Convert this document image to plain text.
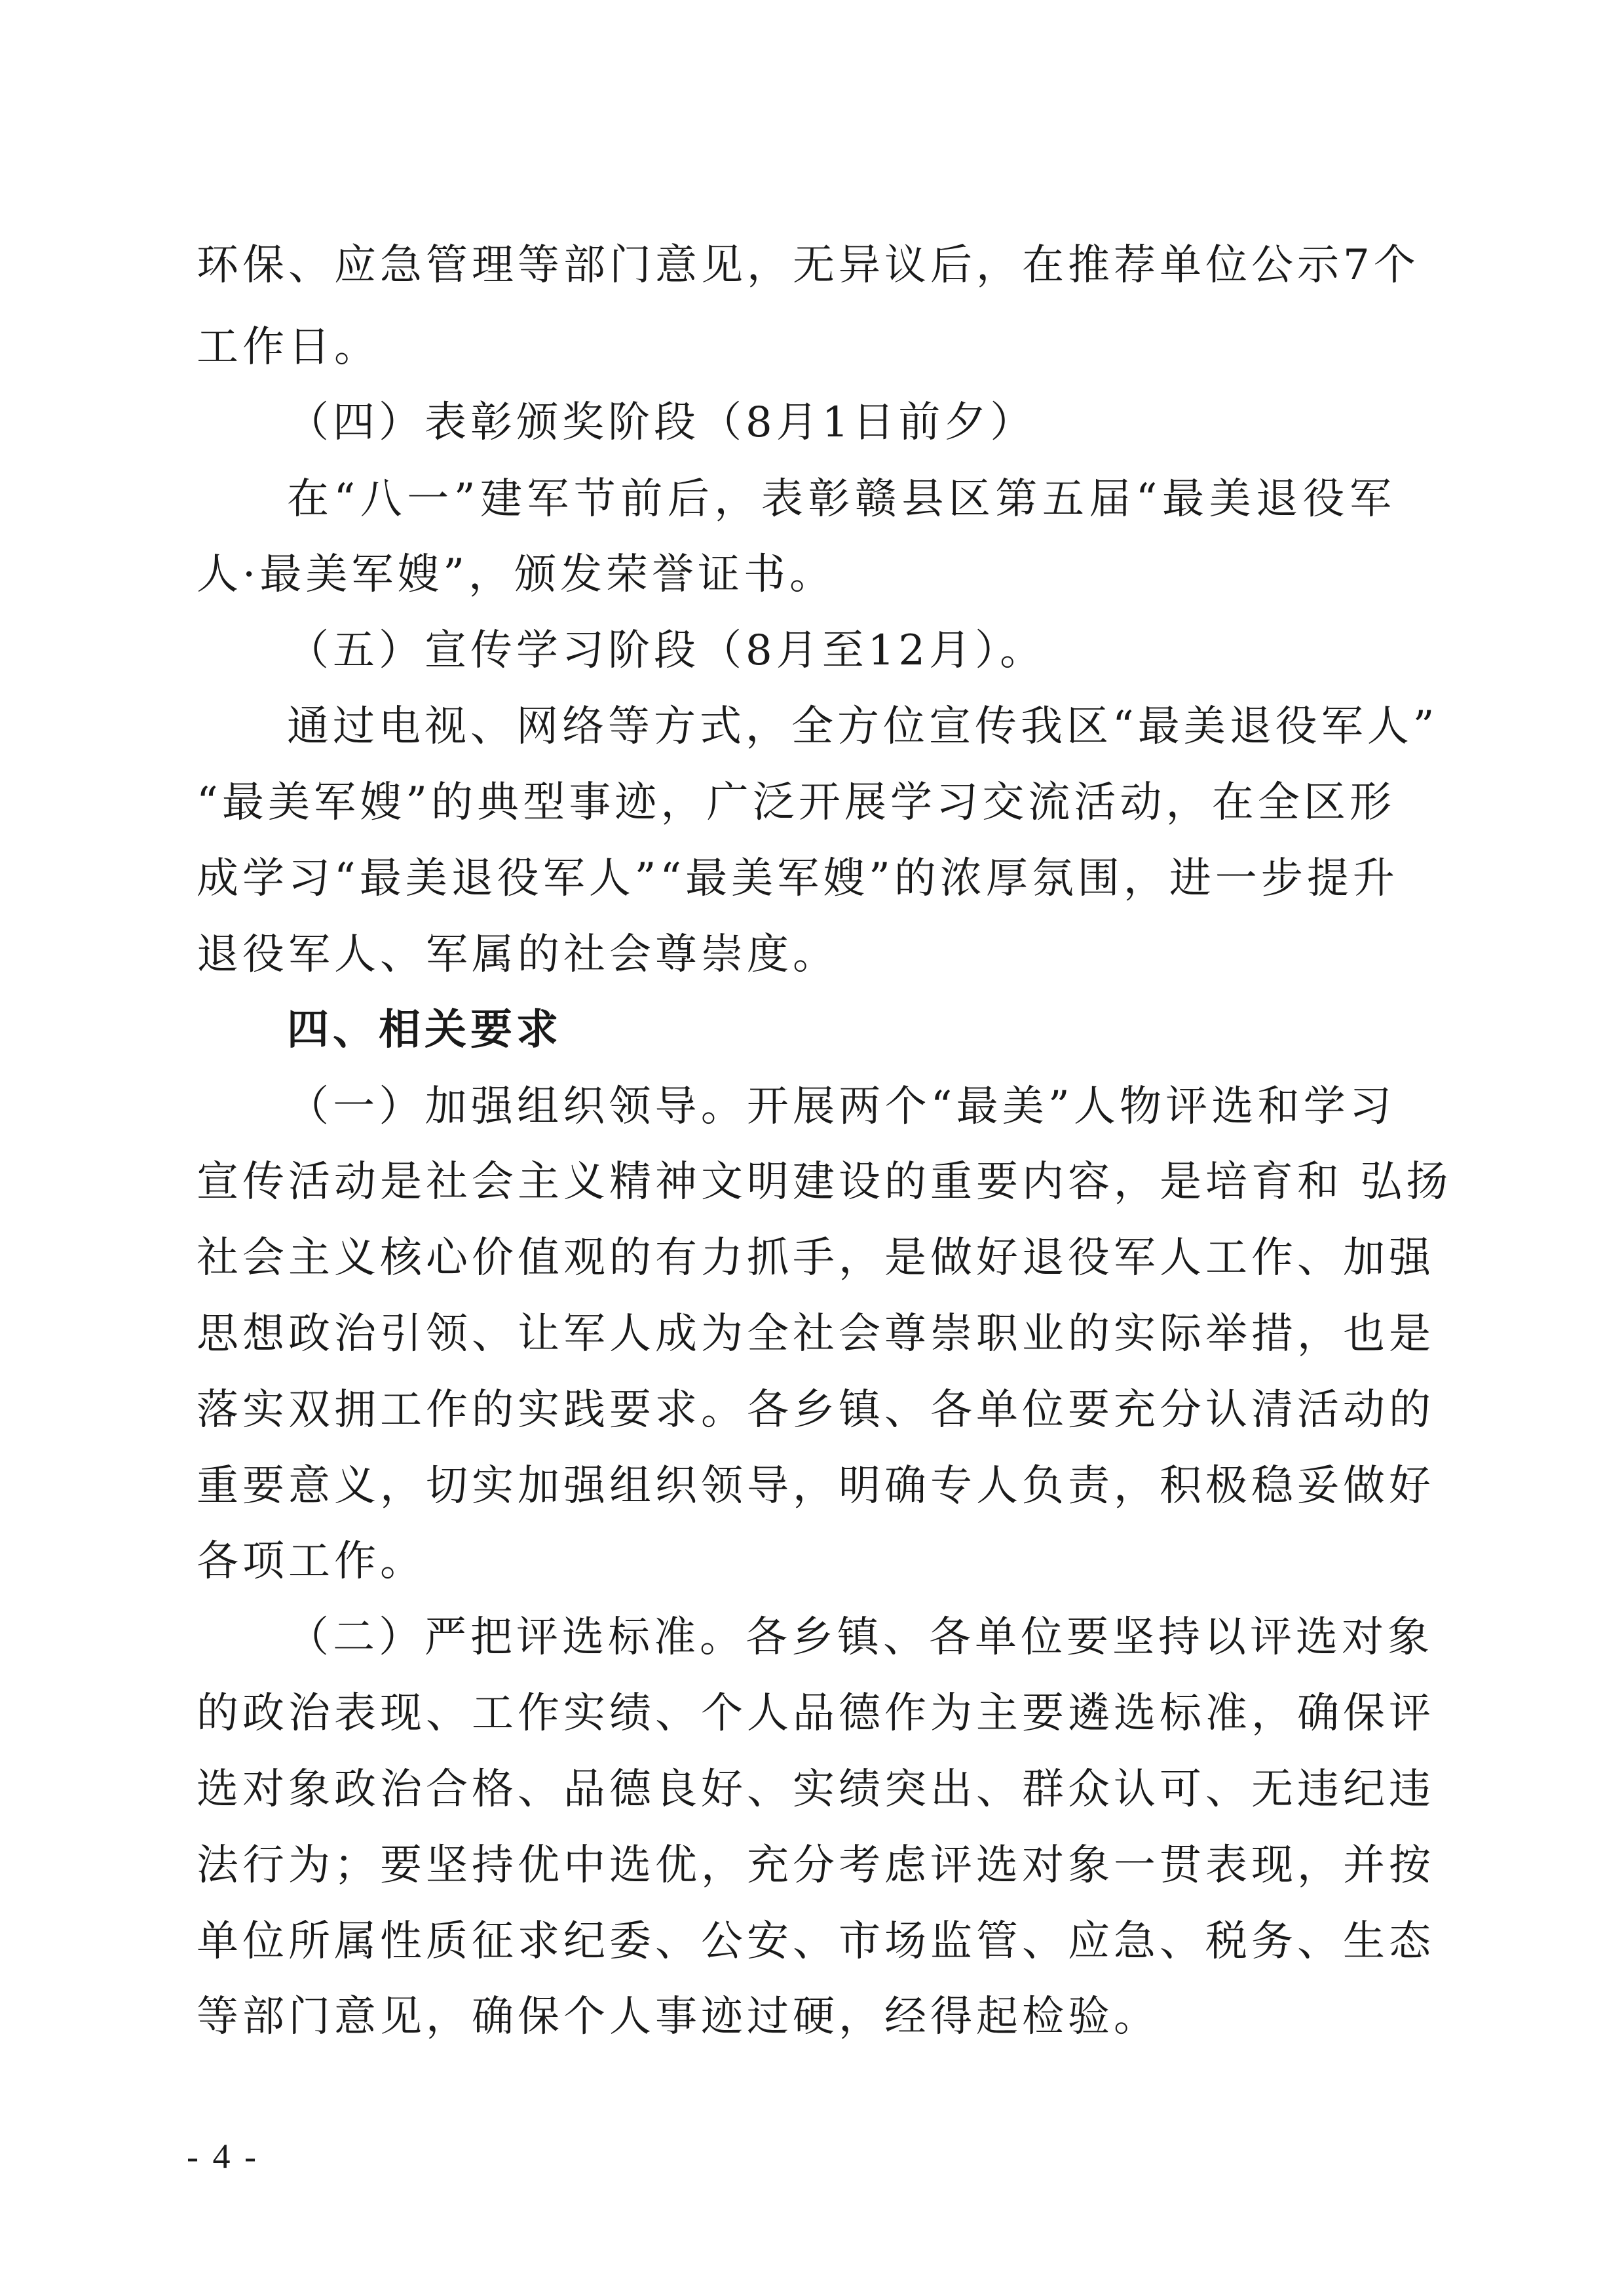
环保、应急管理等部门意见，无异议后，在推荐单位公示7个
工作日。
（四）表彰颁奖阶段（8月1日前夕）
在“八一”建军节前后，表彰赣县区第五届“最美退役军
人·最美军嫂”，颁发荣誉证书。
（五）宣传学习阶段（8月至12月）。
通过电视、网络等方式，全方位宣传我区“最美退役军人”
“最美军嫂”的典型事迹，广泛开展学习交流活动，在全区形
成学习“最美退役军人”“最美军嫂”的浓厚氛围，进一步提升
退役军人、军属的社会尊崇度。
四、相关要求
（一）加强组织领导。开展两个“最美”人物评选和学习
宣传活动是社会主义精神文明建设的重要内容，是培育和 弘扬
社会主义核心价值观的有力抓手，是做好退役军人工作、加强
思想政治引领、让军人成为全社会尊崇职业的实际举措，也是
落实双拥工作的实践要求。各乡镇、各单位要充分认清活动的
重要意义，切实加强组织领导，明确专人负责，积极稳妥做好
各项工作。
（二）严把评选标准。各乡镇、各单位要坚持以评选对象
的政治表现、工作实绩、个人品德作为主要遴选标准，确保评
选对象政治合格、品德良好、实绩突出、群众认可、无违纪违
法行为；要坚持优中选优，充分考虑评选对象一贯表现，并按
单位所属性质征求纪委、公安、市场监管、应急、税务、生态
等部门意见，确保个人事迹过硬，经得起检验。
- 4 -
